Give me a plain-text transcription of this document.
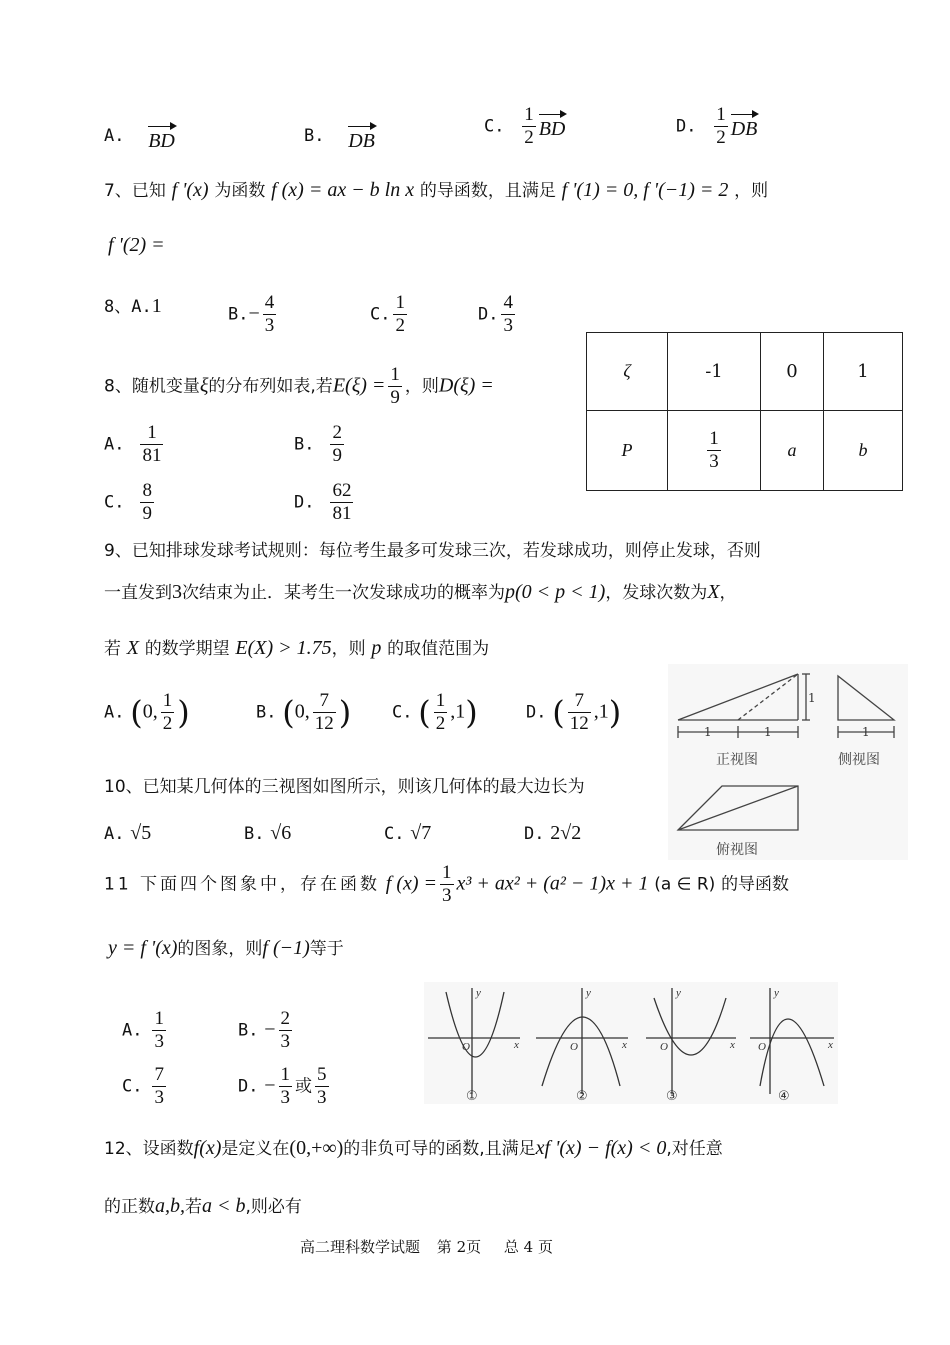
A. BD	B. DB
C. $\frac{1}{2}$ BD	D. $\frac{1}{2}$ DB
7、已知 f '(x) 为函数 f (x) = ax − b ln x 的导函数，且满足 f '(1) = 0, f '(−1) = 2 ，则
f '(2) =
8、A.1	$B.- \frac{4}{3}$	C. $\frac{1}{2}$	D. $\frac{4}{3}$
8、随机变量ξ的分布列如表,若$E(\xi) = \frac{1}{9}$ ，则D(ξ) =
A. $\frac{1}{81}$	B. $\frac{2}{9}$
C. $\frac{8}{9}$	D. $\frac{62}{81}$
ζ	-1	0	1
P	$\frac{1}{3}$	a	b
9、已知排球发球考试规则：每位考生最多可发球三次，若发球成功，则停止发球，否则
一直发到3次结束为止．某考生一次发球成功的概率为p(0 < p < 1)，发球次数为X，
若 X 的数学期望 E(X) > 1.75，则 p 的取值范围为
A. (0, $\frac{1}{2}$ )	B. (0, $\frac{7}{12}$ ) C. ( $\frac{1}{2} ,1$)	D. ( $\frac{7}{12} ,1$)	1
1	1
正视图
1
侧视图
俯视图
10、已知某几何体的三视图如图所示，则该几何体的最大边长为
A. √5	B. √6	C. √7	D. 2√2
11 下面四个图象中，存在函数 f $(x) = \frac{1}{3} x^3 + ax^2 + (a^2 - 1)x + 1$ (a ∈ R) 的导函数
y = f '(x)的图象，则f (−1)等于
A. $\frac{1}{3}$	B. − $\frac{2}{3}$
C. $\frac{7}{3}$	D. − $\frac{1}{3}$ 或 $\frac{5}{3}$
y
x
O
y
x
O
y
x
O
y
x
O
①	②	③	④
12、设函数f(x)是定义在(0,+∞)的非负可导的函数,且满足xf '(x) − f(x) < 0,对任意
的正数a,b,若a < b,则必有
高二理科数学试题 第 2页 总 4 页
